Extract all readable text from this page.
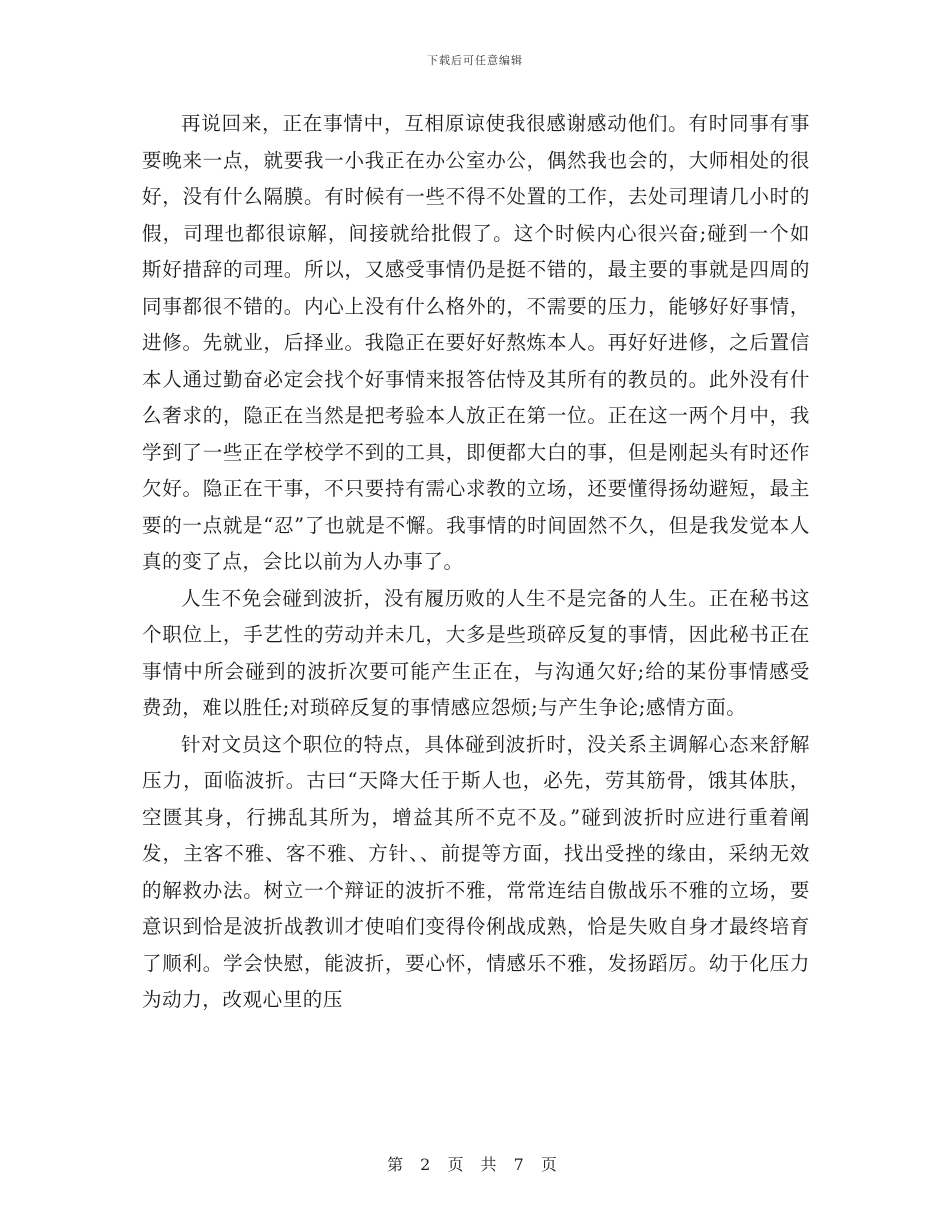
下载后可任意编辑

再说回来，正在事情中，互相原谅使我很感谢感动他们。有时同事有事要晚来一点，就要我一小我正在办公室办公，偶然我也会的，大师相处的很好，没有什么隔膜。有时候有一些不得不处置的工作，去处司理请几小时的假，司理也都很谅解，间接就给批假了。这个时候内心很兴奋;碰到一个如斯好措辞的司理。所以，又感受事情仍是挺不错的，最主要的事就是四周的同事都很不错的。内心上没有什么格外的，不需要的压力，能够好好事情，进修。先就业，后择业。我隐正在要好好熬炼本人。再好好进修，之后置信本人通过勤奋必定会找个好事情来报答估恃及其所有的教员的。此外没有什么奢求的，隐正在当然是把考验本人放正在第一位。正在这一两个月中，我学到了一些正在学校学不到的工具，即便都大白的事，但是刚起头有时还作欠好。隐正在干事，不只要持有需心求教的立场，还要懂得扬幼避短，最主要的一点就是“忍”了也就是不懈。我事情的时间固然不久，但是我发觉本人真的变了点，会比以前为人办事了。

人生不免会碰到波折，没有履历败的人生不是完备的人生。正在秘书这个职位上，手艺性的劳动并未几，大多是些琐碎反复的事情，因此秘书正在事情中所会碰到的波折次要可能产生正在，与沟通欠好;给的某份事情感受费劲，难以胜任;对琐碎反复的事情感应怨烦;与产生争论;感情方面。

针对文员这个职位的特点，具体碰到波折时，没关系主调解心态来舒解压力，面临波折。古曰“天降大任于斯人也，必先，劳其筋骨，饿其体肤，空匮其身，行拂乱其所为，增益其所不克不及。”碰到波折时应进行重着阐发，主客不雅、客不雅、方针、、前提等方面，找出受挫的缘由，采纳无效的解救办法。树立一个辩证的波折不雅，常常连结自傲战乐不雅的立场，要意识到恰是波折战教训才使咱们变得伶俐战成熟，恰是失败自身才最终培育了顺利。学会快慰，能波折，要心怀，情感乐不雅，发扬蹈厉。幼于化压力为动力，改观心里的压

第 2 页 共 7 页
